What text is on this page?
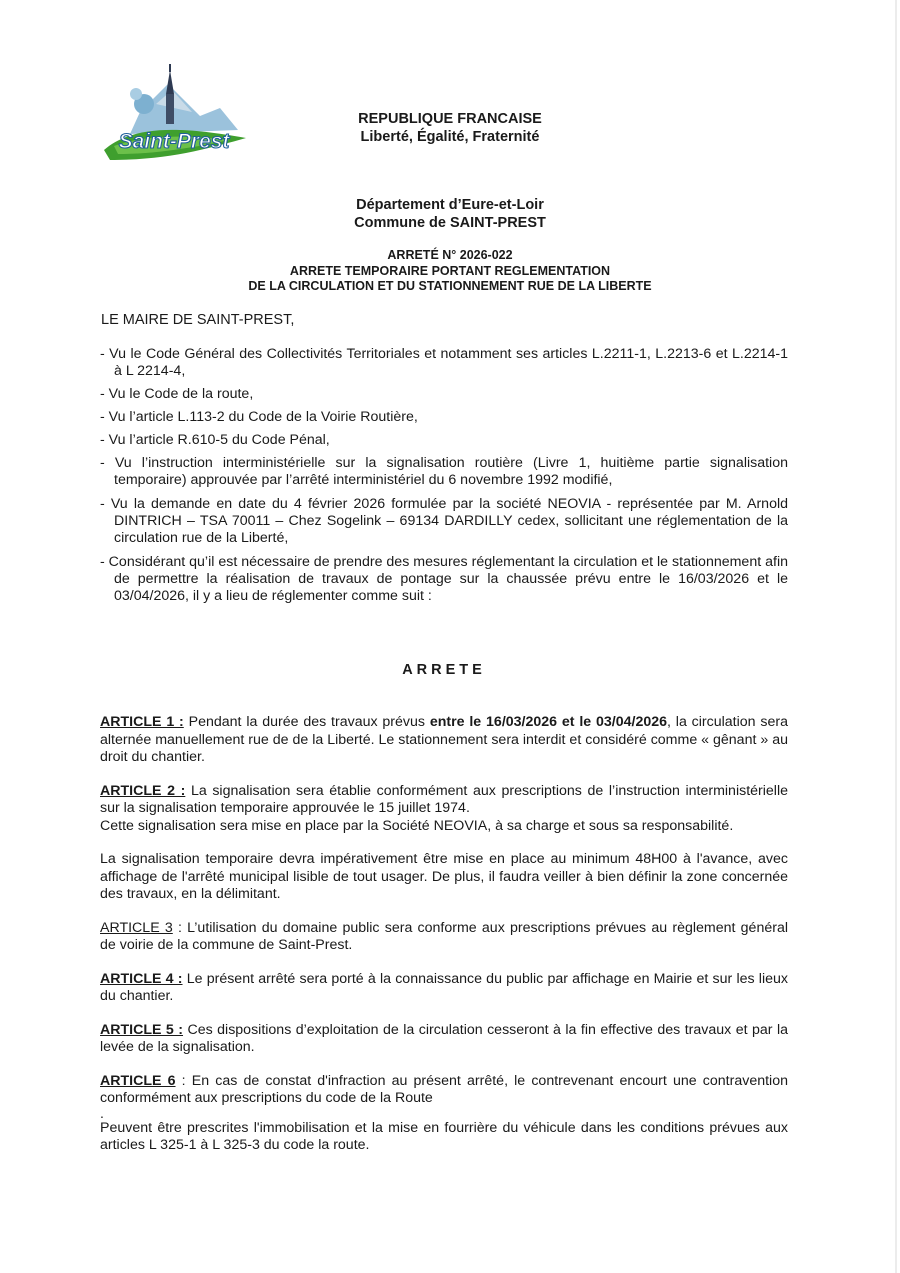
Saint-Prest
REPUBLIQUE FRANCAISE
Liberté, Égalité, Fraternité
Département d’Eure-et-Loir
Commune de SAINT-PREST
ARRETÉ N° 2026-022
ARRETE TEMPORAIRE PORTANT REGLEMENTATION
DE LA CIRCULATION ET DU STATIONNEMENT RUE DE LA LIBERTE
LE MAIRE DE SAINT-PREST,
- Vu le Code Général des Collectivités Territoriales et notamment ses articles L.2211-1, L.2213-6 et L.2214-1 à L 2214-4,
- Vu le Code de la route,
- Vu l’article L.113-2 du Code de la Voirie Routière,
- Vu l’article R.610-5 du Code Pénal,
- Vu l’instruction interministérielle sur la signalisation routière (Livre 1, huitième partie signalisation temporaire) approuvée par l’arrêté interministériel du 6 novembre 1992 modifié,
- Vu la demande en date du 4 février 2026 formulée par la société NEOVIA - représentée par M. Arnold DINTRICH – TSA 70011 – Chez Sogelink – 69134 DARDILLY cedex, sollicitant une réglementation de la circulation rue de la Liberté,
- Considérant qu’il est nécessaire de prendre des mesures réglementant la circulation et le stationnement afin de permettre la réalisation de travaux de pontage sur la chaussée prévu entre le 16/03/2026 et le 03/04/2026, il y a lieu de réglementer comme suit :
ARRETE

ARTICLE 1 : Pendant la durée des travaux prévus entre le 16/03/2026 et le 03/04/2026, la circulation sera alternée manuellement rue de de la Liberté. Le stationnement sera interdit et considéré comme « gênant » au droit du chantier.

ARTICLE 2 : La signalisation sera établie conformément aux prescriptions de l’instruction interministérielle sur la signalisation temporaire approuvée le 15 juillet 1974.

Cette signalisation sera mise en place par la Société NEOVIA, à sa charge et sous sa responsabilité.

La signalisation temporaire devra impérativement être mise en place au minimum 48H00 à l'avance, avec affichage de l'arrêté municipal lisible de tout usager. De plus, il faudra veiller à bien définir la zone concernée des travaux, en la délimitant.

ARTICLE 3 : L’utilisation du domaine public sera conforme aux prescriptions prévues au règlement général de voirie de la commune de Saint-Prest.

ARTICLE 4 : Le présent arrêté sera porté à la connaissance du public par affichage en Mairie et sur les lieux du chantier.

ARTICLE 5 : Ces dispositions d’exploitation de la circulation cesseront à la fin effective des travaux et par la levée de la signalisation.

ARTICLE 6 : En cas de constat d'infraction au présent arrêté, le contrevenant encourt une contravention conformément aux prescriptions du code de la Route

.

Peuvent être prescrites l'immobilisation et la mise en fourrière du véhicule dans les conditions prévues aux articles L 325-1 à L 325-3 du code la route.
